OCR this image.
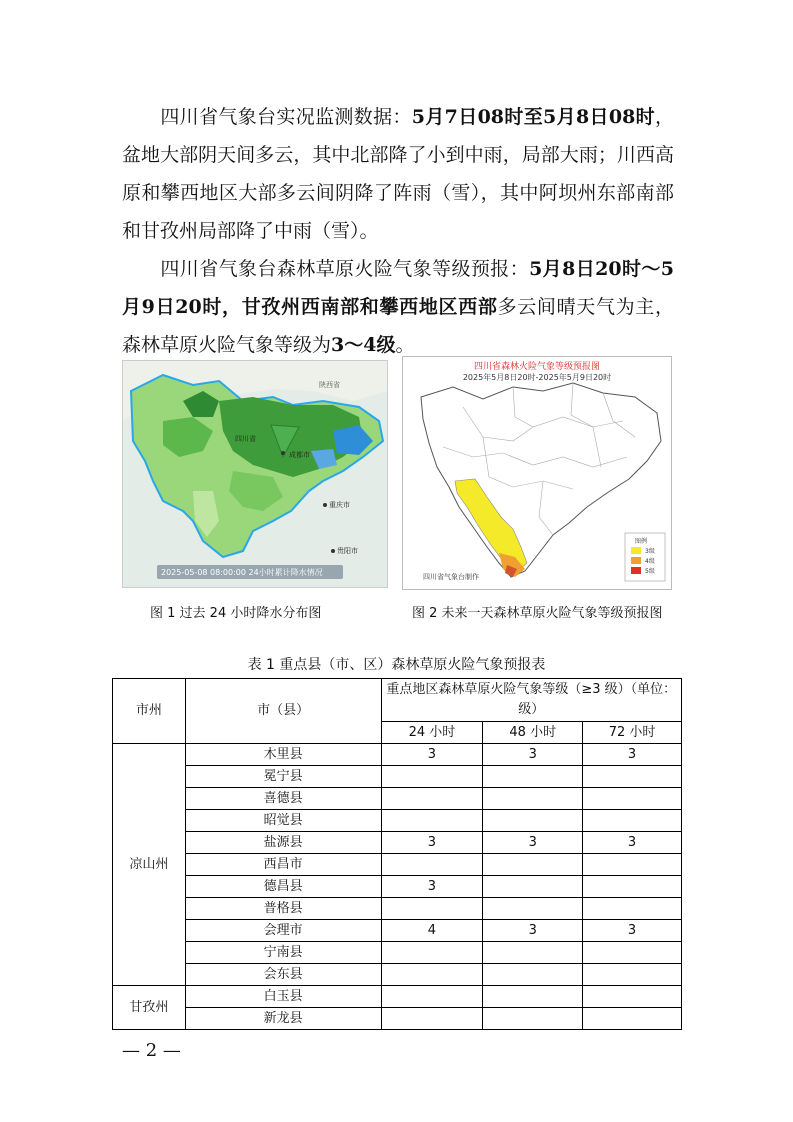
四川省气象台实况监测数据：5月7日08时至5月8日08时，盆地大部阴天间多云，其中北部降了小到中雨，局部大雨；川西高原和攀西地区大部多云间阴降了阵雨（雪），其中阿坝州东部南部和甘孜州局部降了中雨（雪）。

四川省气象台森林草原火险气象等级预报：5月8日20时～5月9日20时，甘孜州西南部和攀西地区西部多云间晴天气为主，森林草原火险气象等级为3～4级。

成都市
四川省
陕西省
重庆市
贵阳市
2025-05-08 08:00:00 24小时累计降水情况
四川省森林火险气象等级预报图
2025年5月8日20时-2025年5月9日20时
四川省气象台制作
图例
3级
4级
5级
图 1 过去 24 小时降水分布图	图 2 未来一天森林草原火险气象等级预报图
表 1 重点县（市、区）森林草原火险气象预报表
市州	市（县）	重点地区森林草原火险气象等级（≥3 级）（单位：级）		
		24 小时	48 小时	72 小时
凉山州	木里县	3	3	3
	冕宁县			
	喜德县			
	昭觉县			
	盐源县	3	3	3
	西昌市			
	德昌县	3		
	普格县			
	会理市	4	3	3
	宁南县			
	会东县			
甘孜州	白玉县			
	新龙县			
— 2 —
